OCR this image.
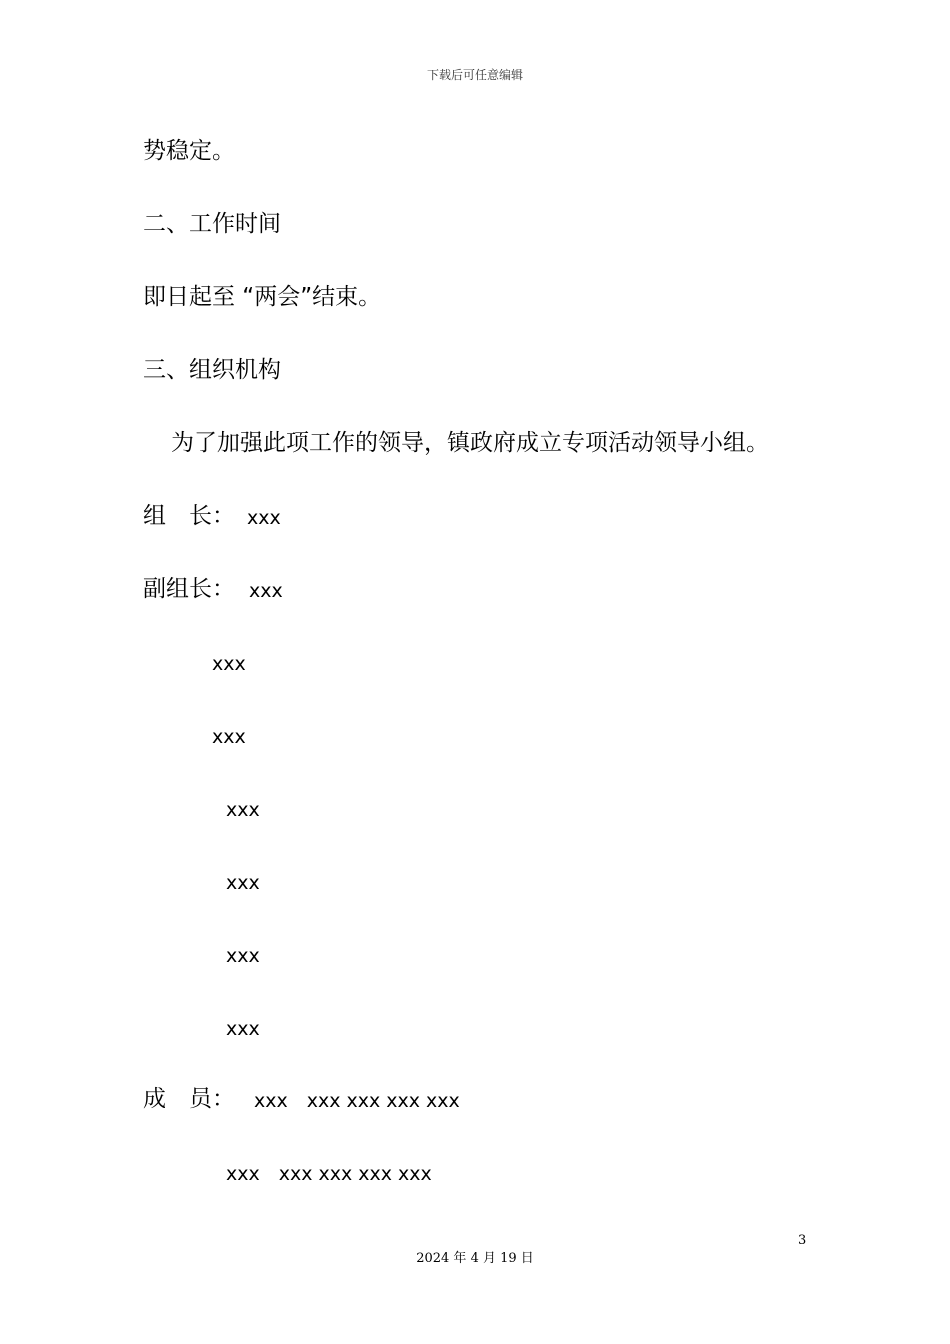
下载后可任意编辑
势稳定。
二、工作时间
即日起至 “两会”结束。
三、组织机构
为了加强此项工作的领导，镇政府成立专项活动领导小组。
组　长： xxx
副组长： xxx
xxx
xxx
xxx
xxx
xxx
xxx
成　员： xxx　xxx xxx xxx xxx
xxx　xxx xxx xxx xxx
3
2024 年 4 月 19 日
